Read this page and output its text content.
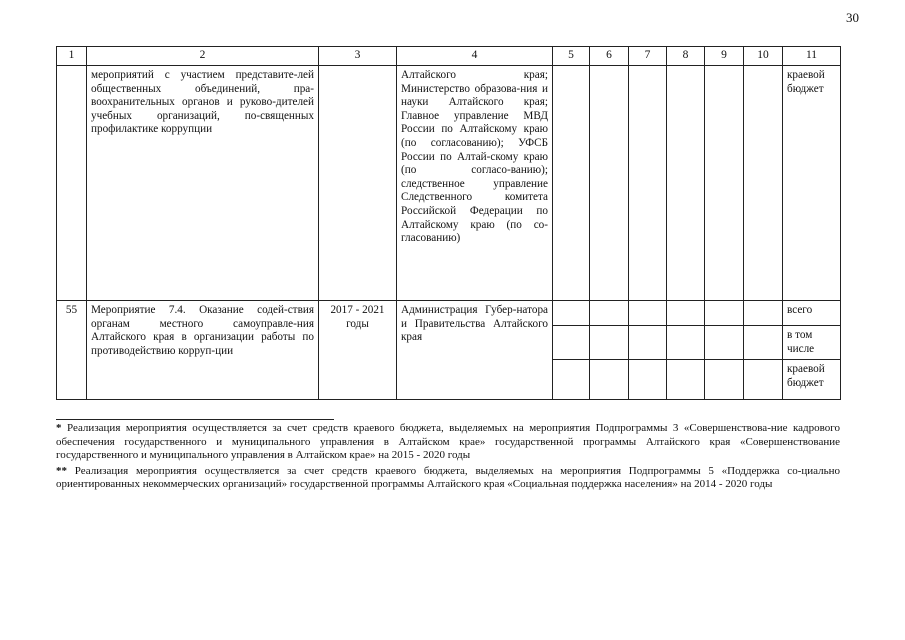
30
1	2	3	4	5	6	7	8	9	10	11
	мероприятий с участием представите-лей общественных объединений, пра-воохранительных органов и руково-дителей учебных организаций, по-священных профилактике коррупции		Алтайского края; Министерство образова-ния и науки Алтайского края; Главное управление МВД России по Алтайскому краю (по согласованию); УФСБ России по Алтай-скому краю (по согласо-ванию); следственное управление Следственного комитета Российской Федерации по Алтайскому краю (по со-гласованию)							краевой бюджет
55	Мероприятие 7.4. Оказание содей-ствия органам местного самоуправле-ния Алтайского края в организации работы по противодействию корруп-ции	2017 - 2021 годы	Администрация Губер-натора и Правительства Алтайского края							всего
										в том числе
										краевой бюджет

* Реализация мероприятия осуществляется за счет средств краевого бюджета, выделяемых на мероприятия Подпрограммы 3 «Совершенствова-ние кадрового обеспечения государственного и муниципального управления в Алтайском крае» государственной программы Алтайского края «Совершенствование государственного и муниципального управления в Алтайском крае» на 2015 - 2020 годы

** Реализация мероприятия осуществляется за счет средств краевого бюджета, выделяемых на мероприятия Подпрограммы 5 «Поддержка со-циально ориентированных некоммерческих организаций» государственной программы Алтайского края «Социальная поддержка населения» на 2014 - 2020 годы
